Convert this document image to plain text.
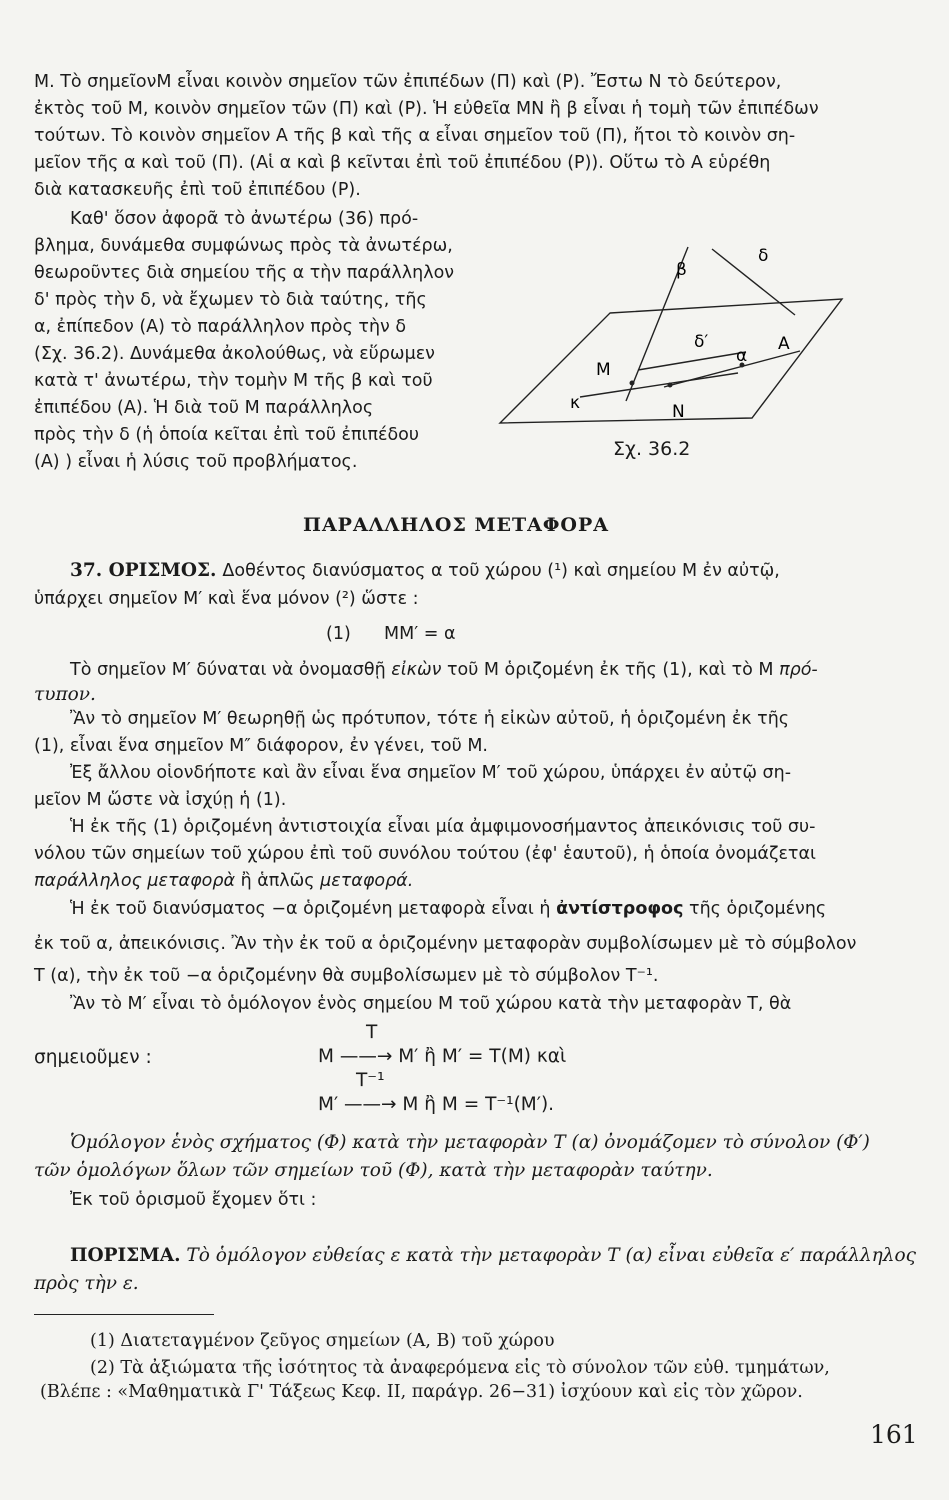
Μ. Τὸ σημεῖονΜ εἶναι κοινὸν σημεῖον τῶν ἐπιπέδων (Π) καὶ (Ρ). Ἔστω Ν τὸ δεύτερον,
ἐκτὸς τοῦ Μ, κοινὸν σημεῖον τῶν (Π) καὶ (Ρ). Ἡ εὐθεῖα ΜΝ ἢ β εἶναι ἡ τομὴ τῶν ἐπιπέδων
τούτων. Τὸ κοινὸν σημεῖον Α τῆς β καὶ τῆς α εἶναι σημεῖον τοῦ (Π), ἤτοι τὸ κοινὸν ση-
μεῖον τῆς α καὶ τοῦ (Π). (Αἱ α καὶ β κεῖνται ἐπὶ τοῦ ἐπιπέδου (Ρ)). Οὕτω τὸ Α εὑρέθη
διὰ κατασκευῆς ἐπὶ τοῦ ἐπιπέδου (Ρ).
Καθ' ὅσον ἀφορᾶ τὸ ἀνωτέρω (36) πρό-
βλημα, δυνάμεθα συμφώνως πρὸς τὰ ἀνωτέρω,
θεωροῦντες διὰ σημείου τῆς α τὴν παράλληλον
δ' πρὸς τὴν δ, νὰ ἔχωμεν τὸ διὰ ταύτης, τῆς
α, ἐπίπεδον (Α) τὸ παράλληλον πρὸς τὴν δ
(Σχ. 36.2). Δυνάμεθα ἀκολούθως, νὰ εὕρωμεν
κατὰ τ' ἀνωτέρω, τὴν τομὴν Μ τῆς β καὶ τοῦ
ἐπιπέδου (Α). Ἡ διὰ τοῦ Μ παράλληλος
πρὸς τὴν δ (ἡ ὁποία κεῖται ἐπὶ τοῦ ἐπιπέδου
(Α) ) εἶναι ἡ λύσις τοῦ προβλήματος.
β
δ
δ′
α
Α
Μ
Ν
κ
Σχ. 36.2
ΠΑΡΑΛΛΗΛΟΣ ΜΕΤΑΦΟΡΑ
37. ΟΡΙΣΜΟΣ. Δοθέντος διανύσματος α τοῦ χώρου (¹) καὶ σημείου Μ ἐν αὐτῷ,
ὑπάρχει σημεῖον Μ′ καὶ ἕνα μόνον (²) ὥστε :
(1) ΜΜ′ = α
Τὸ σημεῖον Μ′ δύναται νὰ ὀνομασθῇ εἰκὼν τοῦ Μ ὁριζομένη ἐκ τῆς (1), καὶ τὸ Μ πρό-
τυπον.
Ἂν τὸ σημεῖον Μ′ θεωρηθῇ ὡς πρότυπον, τότε ἡ εἰκὼν αὐτοῦ, ἡ ὁριζομένη ἐκ τῆς
(1), εἶναι ἕνα σημεῖον Μ″ διάφορον, ἐν γένει, τοῦ Μ.
Ἐξ ἄλλου οἱονδήποτε καὶ ἂν εἶναι ἕνα σημεῖον Μ′ τοῦ χώρου, ὑπάρχει ἐν αὐτῷ ση-
μεῖον Μ ὥστε νὰ ἰσχύῃ ἡ (1).
Ἡ ἐκ τῆς (1) ὁριζομένη ἀντιστοιχία εἶναι μία ἀμφιμονοσήμαντος ἀπεικόνισις τοῦ συ-
νόλου τῶν σημείων τοῦ χώρου ἐπὶ τοῦ συνόλου τούτου (ἐφ' ἑαυτοῦ), ἡ ὁποία ὀνομάζεται
παράλληλος μεταφορὰ ἢ ἁπλῶς μεταφορά.
Ἡ ἐκ τοῦ διανύσματος −α ὁριζομένη μεταφορὰ εἶναι ἡ ἀντίστροφος τῆς ὁριζομένης
ἐκ τοῦ α, ἀπεικόνισις. Ἂν τὴν ἐκ τοῦ α ὁριζομένην μεταφορὰν συμβολίσωμεν μὲ τὸ σύμβολον
Τ (α), τὴν ἐκ τοῦ −α ὁριζομένην θὰ συμβολίσωμεν μὲ τὸ σύμβολον Τ⁻¹.
Ἂν τὸ Μ′ εἶναι τὸ ὁμόλογον ἑνὸς σημείου Μ τοῦ χώρου κατὰ τὴν μεταφορὰν Τ, θὰ
σημειοῦμεν :
Τ
Μ ——→ Μ′ ἢ Μ′ = Τ(Μ) καὶ
Τ⁻¹
Μ′ ——→ Μ ἢ Μ = Τ⁻¹(Μ′).
Ὁμόλογον ἑνὸς σχήματος (Φ) κατὰ τὴν μεταφορὰν Τ (α) ὀνομάζομεν τὸ σύνολον (Φ′)
τῶν ὁμολόγων ὅλων τῶν σημείων τοῦ (Φ), κατὰ τὴν μεταφορὰν ταύτην.
Ἐκ τοῦ ὁρισμοῦ ἔχομεν ὅτι :
ΠΟΡΙΣΜΑ. Τὸ ὁμόλογον εὐθείας ε κατὰ τὴν μεταφορὰν Τ (α) εἶναι εὐθεῖα ε′ παράλληλος
πρὸς τὴν ε.
(1) Διατεταγμένον ζεῦγος σημείων (Α, Β) τοῦ χώρου
(2) Τὰ ἀξιώματα τῆς ἰσότητος τὰ ἀναφερόμενα εἰς τὸ σύνολον τῶν εὐθ. τμημάτων,
(Βλέπε : «Μαθηματικὰ Γ' Τάξεως Κεφ. ΙΙ, παράγρ. 26−31) ἰσχύουν καὶ εἰς τὸν χῶρον.
161
